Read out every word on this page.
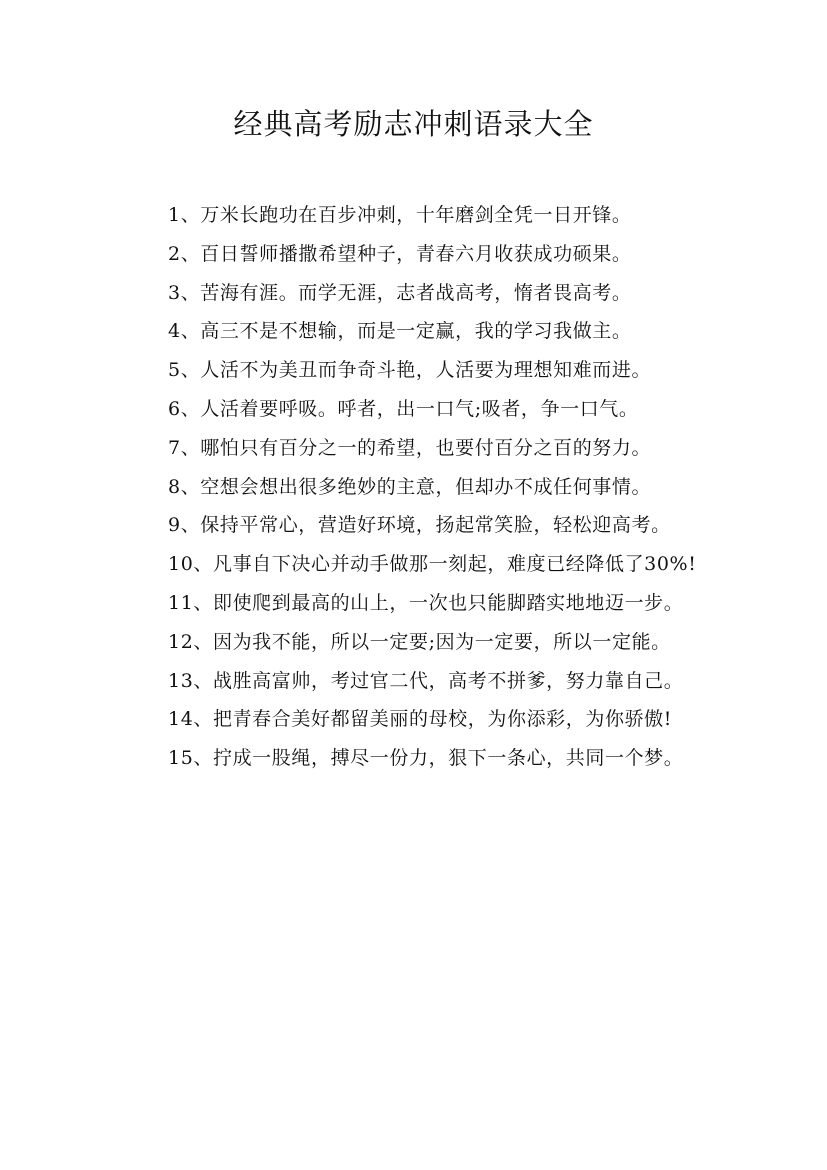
经典高考励志冲刺语录大全

1、万米长跑功在百步冲刺，十年磨剑全凭一日开锋。

2、百日誓师播撒希望种子，青春六月收获成功硕果。

3、苦海有涯。而学无涯，志者战高考，惰者畏高考。

4、高三不是不想输，而是一定赢，我的学习我做主。

5、人活不为美丑而争奇斗艳，人活要为理想知难而进。

6、人活着要呼吸。呼者，出一口气;吸者，争一口气。

7、哪怕只有百分之一的希望，也要付百分之百的努力。

8、空想会想出很多绝妙的主意，但却办不成任何事情。

9、保持平常心，营造好环境，扬起常笑脸，轻松迎高考。

10、凡事自下决心并动手做那一刻起，难度已经降低了30%!

11、即使爬到最高的山上，一次也只能脚踏实地地迈一步。

12、因为我不能，所以一定要;因为一定要，所以一定能。

13、战胜高富帅，考过官二代，高考不拼爹，努力靠自己。

14、把青春合美好都留美丽的母校，为你添彩，为你骄傲!

15、拧成一股绳，搏尽一份力，狠下一条心，共同一个梦。
